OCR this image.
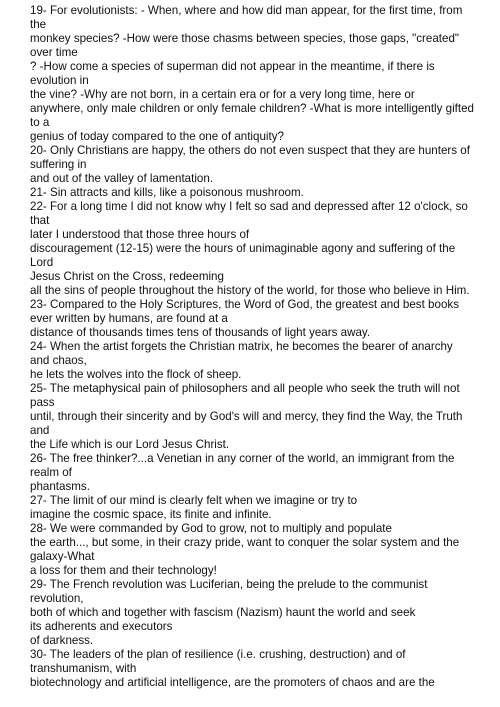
19- For evolutionists: - When, where and how did man appear, for the first time, from
the
monkey species? -How were those chasms between species, those gaps, "created"
over time
? -How come a species of superman did not appear in the meantime, if there is
evolution in
the vine? -Why are not born, in a certain era or for a very long time, here or
anywhere, only male children or only female children? -What is more intelligently gifted
to a
genius of today compared to the one of antiquity?
20- Only Christians are happy, the others do not even suspect that they are hunters of
suffering in
and out of the valley of lamentation.
21- Sin attracts and kills, like a poisonous mushroom.
22- For a long time I did not know why I felt so sad and depressed after 12 o'clock, so
that
later I understood that those three hours of
discouragement (12-15) were the hours of unimaginable agony and suffering of the
Lord
Jesus Christ on the Cross, redeeming
all the sins of people throughout the history of the world, for those who believe in Him.
23- Compared to the Holy Scriptures, the Word of God, the greatest and best books
ever written by humans, are found at a
distance of thousands times tens of thousands of light years away.
24- When the artist forgets the Christian matrix, he becomes the bearer of anarchy
and chaos,
he lets the wolves into the flock of sheep.
25- The metaphysical pain of philosophers and all people who seek the truth will not
pass
until, through their sincerity and by God's will and mercy, they find the Way, the Truth
and
the Life which is our Lord Jesus Christ.
26- The free thinker?...a Venetian in any corner of the world, an immigrant from the
realm of
phantasms.
27- The limit of our mind is clearly felt when we imagine or try to
imagine the cosmic space, its finite and infinite.
28- We were commanded by God to grow, not to multiply and populate
the earth..., but some, in their crazy pride, want to conquer the solar system and the
galaxy-What
a loss for them and their technology!
29- The French revolution was Luciferian, being the prelude to the communist
revolution,
both of which and together with fascism (Nazism) haunt the world and seek
its adherents and executors
of darkness.
30- The leaders of the plan of resilience (i.e. crushing, destruction) and of
transhumanism, with
biotechnology and artificial intelligence, are the promoters of chaos and are the
